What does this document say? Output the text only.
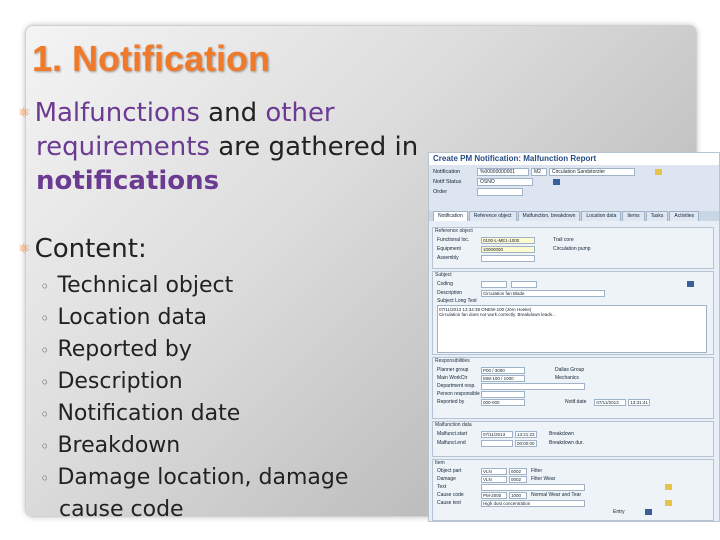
1. Notification
⚛ Malfunctions and other
requirements are gathered in
notifications
⚛ Content:
◦ Technical object
◦ Location data
◦ Reported by
◦ Description
◦ Notification date
◦ Breakdown
◦ Damage location, damage
cause code
Create PM Notification: Malfunction Report
Notification	%00000000001	M2	Circulation Sandstorzler
Notif Status	OSNO
Order
Notification	Reference object	Malfunction, breakdown	Location data	Items	Tasks	Activities
Reference object
Functional loc.	0100-L-ME1-1000	Trail core
Equipment	10000000	Circulation pump
Assembly
Subject
Coding
Description	Circulation fan Blade
Subject Long Text
07/11/2013 13:34:39 ONEW-100 (Jörn Hoeke)
Circulation fan does not work correctly. Breakdown leads...
Responsibilities
Planner group	P00 / 3000	Dallas Group
Main WorkCtr	MW-100 / 1000	Mechanics
Department resp.
Person responsible
Reported by	000-000	Notif.date	07/11/2013	13:31:41
Malfunction data
Malfunct.start	07/11/2013	13:21:23	Breakdown
Malfunct.end	00:00:00	Breakdown dur.
Item
Object part	VLN	0002	Filter
Damage	VLN	0002	Filter Wear
Text
Cause code	PM-2000	1000	Normal Wear and Tear
Cause text	High dust concentration
Entry
